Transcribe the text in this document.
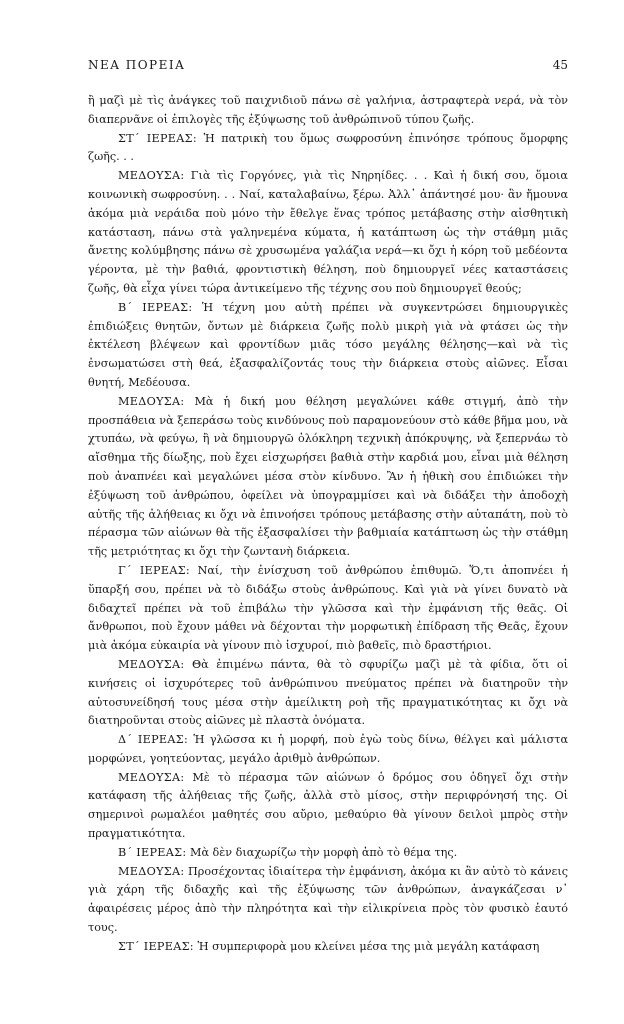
ΝΕΑ ΠΟΡΕΙΑ	45

ἢ μαζὶ μὲ τὶς ἀνάγκες τοῦ παιχνιδιοῦ πάνω σὲ γαλήνια, ἀστραφτερὰ νερά, νὰ τὸν διαπερνᾶνε οἱ ἐπιλογὲς τῆς ἐξύψωσης τοῦ ἀνθρώπινοῦ τύπου ζωῆς.

ΣΤ΄ ΙΕΡΕΑΣ: Ἡ πατρικὴ του ὅμως σωφροσύνη ἐπινόησε τρόπους ὅμορφης ζωῆς. . .

ΜΕΔΟΥΣΑ: Γιὰ τὶς Γοργόνες, γιὰ τὶς Νηρηίδες. . . Καὶ ἡ δική σου, ὅμοια κοινωνικὴ σωφροσύνη. . . Ναί, καταλαβαίνω, ξέρω. Ἀλλ᾽ ἀπάντησέ μου· ἂν ἤμουνα ἀκόμα μιὰ νεράιδα ποὺ μόνο τὴν ἔθελγε ἕνας τρόπος μετάβασης στὴν αἰσθητικὴ κατάσταση, πάνω στὰ γαληνεμένα κύματα, ἡ κατάπτωση ὡς τὴν στάθμη μιᾶς ἄνετης κολύμβησης πάνω σὲ χρυσωμένα γαλάζια νερά—κι ὄχι ἡ κόρη τοῦ μεδέοντα γέροντα, μὲ τὴν βαθιά, φροντιστικὴ θέληση, ποὺ δημιουργεῖ νέες καταστάσεις ζωῆς, θὰ εἶχα γίνει τώρα ἀντικείμενο τῆς τέχνης σου ποὺ δημιουργεῖ θεούς;

Β΄ ΙΕΡΕΑΣ: Ἡ τέχνη μου αὐτὴ πρέπει νὰ συγκεντρώσει δημιουργικὲς ἐπιδιώξεις θνητῶν, ὄντων μὲ διάρκεια ζωῆς πολὺ μικρὴ γιὰ νὰ φτάσει ὡς τὴν ἐκτέλεση βλέψεων καὶ φροντίδων μιᾶς τόσο μεγάλης θέλησης—καὶ νὰ τὶς ἐνσωματώσει στὴ θεά, ἐξασφαλίζοντάς τους τὴν διάρκεια στοὺς αἰῶνες. Εἶσαι θνητή, Μεδέουσα.

ΜΕΔΟΥΣΑ: Μὰ ἡ δική μου θέληση μεγαλώνει κάθε στιγμή, ἀπὸ τὴν προσπάθεια νὰ ξεπεράσω τοὺς κινδύνους ποὺ παραμονεύουν στὸ κάθε βῆμα μου, νὰ χτυπάω, νὰ φεύγω, ἢ νὰ δημιουργῶ ὁλόκληρη τεχνικὴ ἀπόκρυψης, νὰ ξεπερνάω τὸ αἴσθημα τῆς δίωξης, ποὺ ἔχει εἰσχωρήσει βαθιὰ στὴν καρδιά μου, εἶναι μιὰ θέληση ποὺ ἀναπνέει καὶ μεγαλώνει μέσα στὸν κίνδυνο. Ἂν ἡ ἠθικὴ σου ἐπιδιώκει τὴν ἐξύψωση τοῦ ἀνθρώπου, ὀφείλει νὰ ὑπογραμμίσει καὶ νὰ διδάξει τὴν ἀποδοχὴ αὐτῆς τῆς ἀλήθειας κι ὄχι νὰ ἐπινοήσει τρόπους μετάβασης στὴν αὐταπάτη, ποὺ τὸ πέρασμα τῶν αἰώνων θὰ τῆς ἐξασφαλίσει τὴν βαθμιαία κατάπτωση ὡς τὴν στάθμη τῆς μετριότητας κι ὄχι τὴν ζωντανὴ διάρκεια.

Γ΄ ΙΕΡΕΑΣ: Ναί, τὴν ἐνίσχυση τοῦ ἀνθρώπου ἐπιθυμῶ. Ὅ,τι ἀποπνέει ἡ ὕπαρξή σου, πρέπει νὰ τὸ διδάξω στοὺς ἀνθρώπους. Καὶ γιὰ νὰ γίνει δυνατὸ νὰ διδαχτεῖ πρέπει νὰ τοῦ ἐπιβάλω τὴν γλῶσσα καὶ τὴν ἐμφάνιση τῆς θεᾶς. Οἱ ἄνθρωποι, ποὺ ἔχουν μάθει νὰ δέχονται τὴν μορφωτικὴ ἐπίδραση τῆς Θεᾶς, ἔχουν μιὰ ἀκόμα εὐκαιρία νὰ γίνουν πιὸ ἰσχυροί, πιὸ βαθεῖς, πιὸ δραστήριοι.

ΜΕΔΟΥΣΑ: Θὰ ἐπιμένω πάντα, θὰ τὸ σφυρίζω μαζὶ μὲ τὰ φίδια, ὅτι οἱ κινήσεις οἱ ἰσχυρότερες τοῦ ἀνθρώπινου πνεύματος πρέπει νὰ διατηροῦν τὴν αὐτοσυνείδησή τους μέσα στὴν ἀμείλικτη ροὴ τῆς πραγματικότητας κι ὄχι νὰ διατηροῦνται στοὺς αἰῶνες μὲ πλαστὰ ὀνόματα.

Δ΄ ΙΕΡΕΑΣ: Ἡ γλῶσσα κι ἡ μορφή, ποὺ ἐγὼ τοὺς δίνω, θέλγει καὶ μάλιστα μορφώνει, γοητεύοντας, μεγάλο ἀριθμὸ ἀνθρώπων.

ΜΕΔΟΥΣΑ: Μὲ τὸ πέρασμα τῶν αἰώνων ὁ δρόμος σου ὁδηγεῖ ὄχι στὴν κατάφαση τῆς ἀλήθειας τῆς ζωῆς, ἀλλὰ στὸ μίσος, στὴν περιφρόνησή της. Οἱ σημερινοὶ ρωμαλέοι μαθητές σου αὔριο, μεθαύριο θὰ γίνουν δειλοὶ μπρὸς στὴν πραγματικότητα.

Β΄ ΙΕΡΕΑΣ: Μὰ δὲν διαχωρίζω τὴν μορφὴ ἀπὸ τὸ θέμα της.

ΜΕΔΟΥΣΑ: Προσέχοντας ἰδιαίτερα τὴν ἐμφάνιση, ἀκόμα κι ἂν αὐτὸ τὸ κάνεις γιὰ χάρη τῆς διδαχῆς καὶ τῆς ἐξύψωσης τῶν ἀνθρώπων, ἀναγκάζεσαι ν᾽ ἀφαιρέσεις μέρος ἀπὸ τὴν πληρότητα καὶ τὴν εἰλικρίνεια πρὸς τὸν φυσικὸ ἑαυτό τους.

ΣΤ΄ ΙΕΡΕΑΣ: Ἡ συμπεριφορὰ μου κλείνει μέσα της μιὰ μεγάλη κατάφαση
